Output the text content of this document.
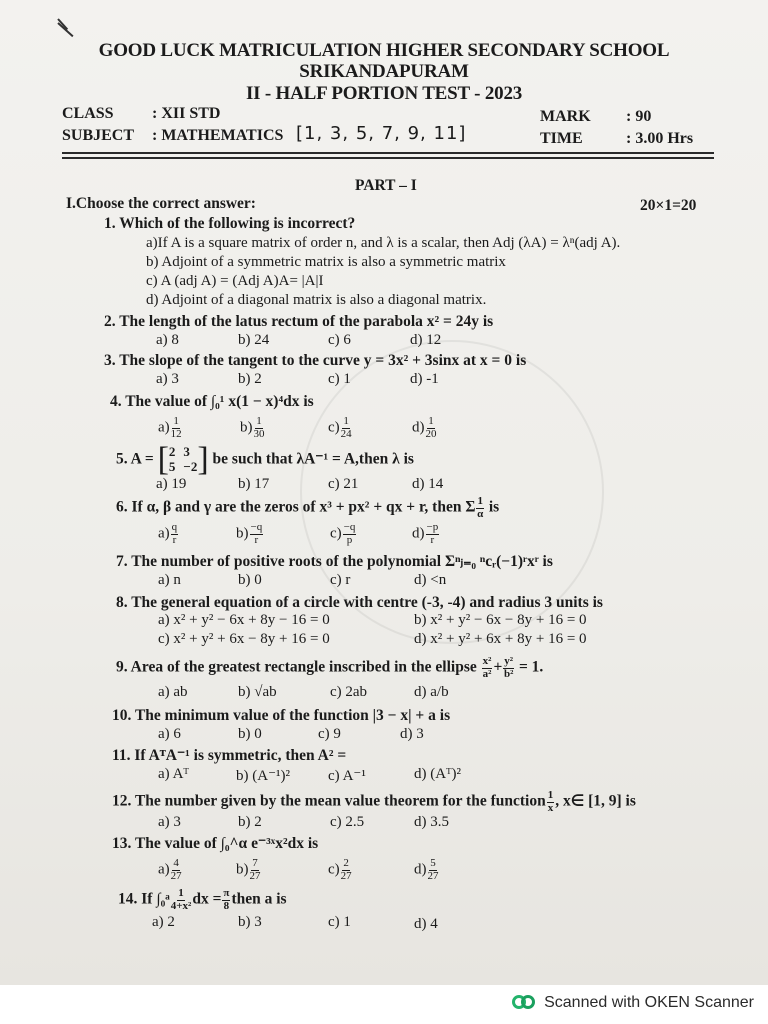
GOOD LUCK MATRICULATION HIGHER SECONDARY SCHOOL
SRIKANDAPURAM
II - HALF PORTION TEST - 2023
CLASS : XII STD
SUBJECT : MATHEMATICS [1, 3, 5, 7, 9, 11]
MARK : 90
TIME	: 3.00 Hrs
PART – I
I.Choose the correct answer:	20×1=20
1. Which of the following is incorrect?
a)If A is a square matrix of order n, and λ is a scalar, then Adj (λA) = λⁿ(adj A).
b) Adjoint of a symmetric matrix is also a symmetric matrix
c) A (adj A) = (Adj A)A= |A|I
d) Adjoint of a diagonal matrix is also a diagonal matrix.
2. The length of the latus rectum of the parabola x² = 24y is
a) 8	b) 24	c) 6	d) 12
3. The slope of the tangent to the curve y = 3x² + 3sinx at x = 0 is
a) 3	b) 2	c) 1	d) -1
4. The value of ∫₀¹ x(1 − x)⁴dx is
$a) \frac{1}{12}$	$b) \frac{1}{30}$	$c) \frac{1}{24}$	$d) \frac{1}{20}$
5. A = [ 2 3
5 −2 ] be such that λA⁻¹ = A,then λ is
a) 19	b) 17	c) 21	d) 14
6. If α, β and γ are the zeros of x³ + px² + qx + r, then Σ $\frac{1}{\alpha}$ is
$a) \frac{q}{r}$	$b) \frac{-q}{r}$	$c) \frac{-q}{p}$	$d) \frac{-p}{r}$
7. The number of positive roots of the polynomial Σⁿⱼ₌₀ ⁿcᵣ(−1)ʳxʳ is
a) n	b) 0	c) r	d) <n
8. The general equation of a circle with centre (-3, -4) and radius 3 units is
a) x² + y² − 6x + 8y − 16 = 0	b) x² + y² − 6x − 8y + 16 = 0
c) x² + y² + 6x − 8y + 16 = 0	d) x² + y² + 6x + 8y + 16 = 0
9. Area of the greatest rectangle inscribed in the ellipse $\frac{\text{x²}}{\text{a²}} + \frac{\text{y²}}{\text{b²}} = 1$.
a) ab	b) √ab	c) 2ab	d) a/b
10. The minimum value of the function |3 − x| + a is
a) 6	b) 0	c) 9	d) 3
11. If AᵀA⁻¹ is symmetric, then A² =
a) Aᵀ	b) (A⁻¹)²	c) A⁻¹	d) (Aᵀ)²
12. The number given by the mean value theorem for the function $\frac{1}{x}$ , x∈ [1, 9] is
a) 3	b) 2	c) 2.5	d) 3.5
13. The value of ∫₀^α e⁻³ˣx²dx is
$a) \frac{4}{27}$	$b) \frac{7}{27}$	$c) \frac{2}{27}$	$d) \frac{5}{27}$
14. If ∫₀ᵃ $\frac{1}{\text{4+x²}}$ dx = $\frac{\pi}{8}$ then a is
a) 2	b) 3	c) 1	d) 4
Scanned with OKEN Scanner
